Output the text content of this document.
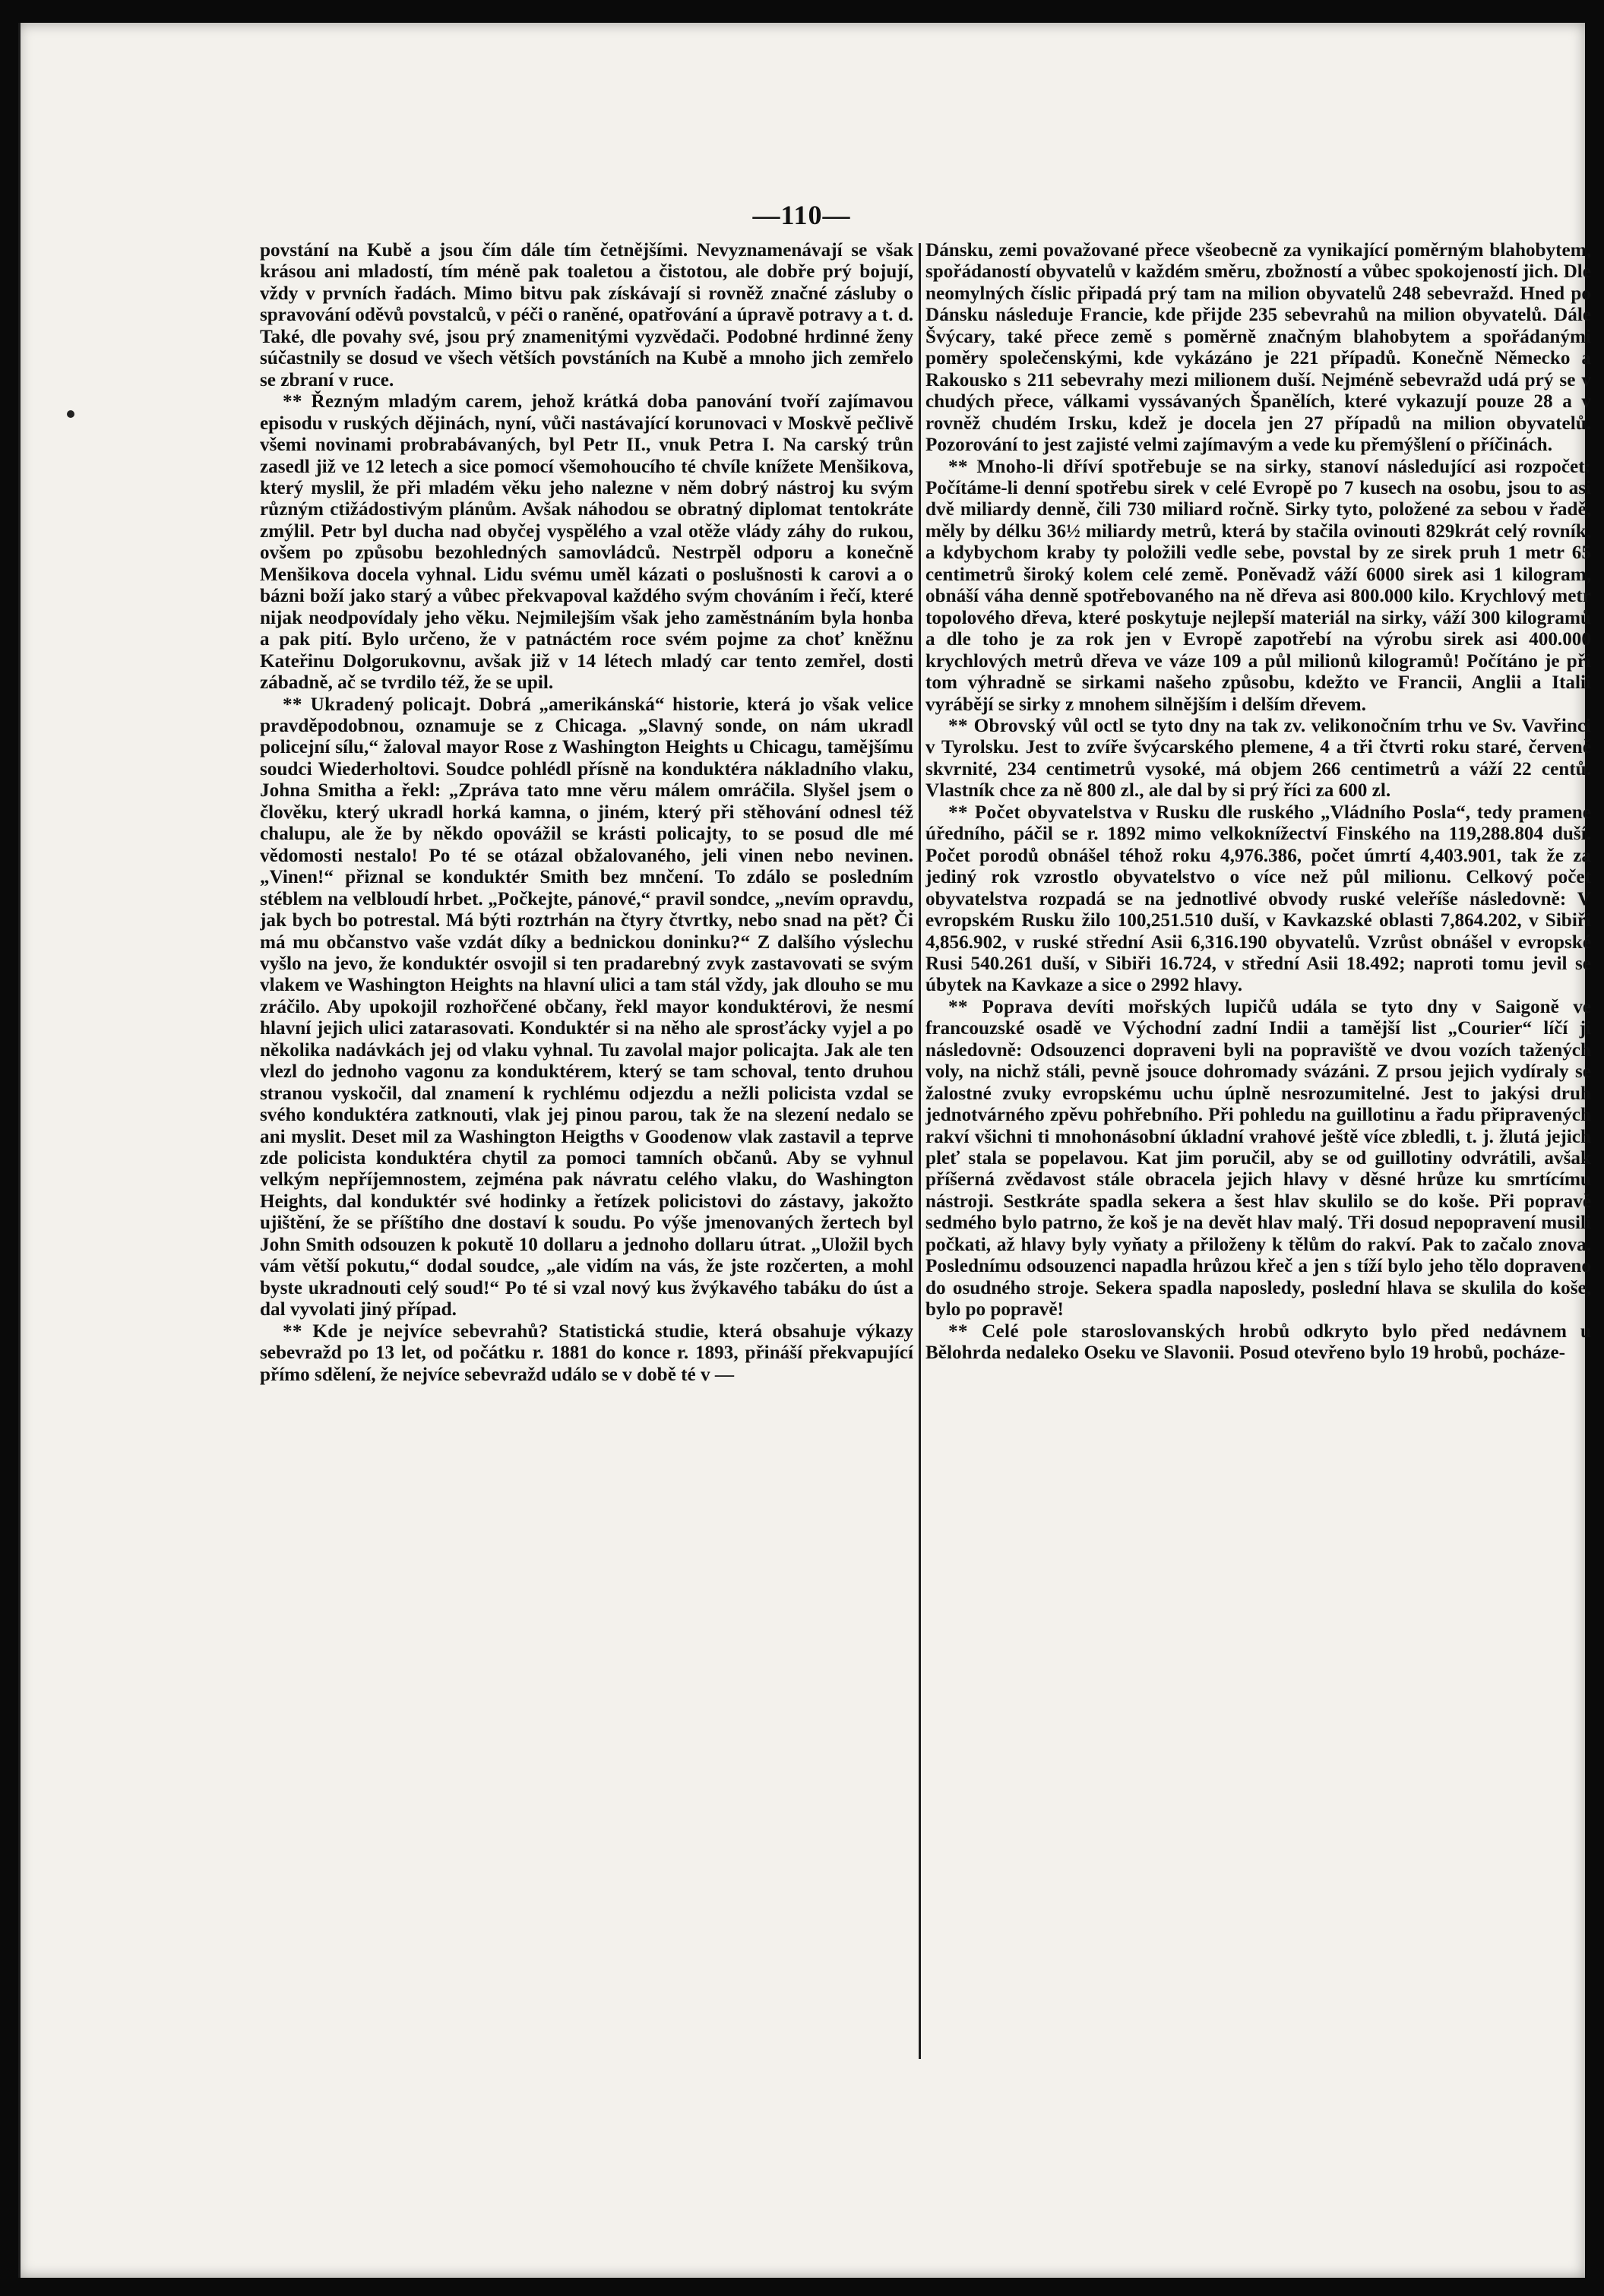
—110—

povstání na Kubě a jsou čím dále tím četnějšími. Nevyznamenávají se však krásou ani mladostí, tím méně pak toaletou a čistotou, ale dobře prý bojují, vždy v prvních řadách. Mimo bitvu pak získávají si rovněž značné zásluby o spravování oděvů povstalců, v péči o raněné, opatřování a úpravě potravy a t. d. Také, dle povahy své, jsou prý znamenitými vyzvědači. Podobné hrdinné ženy súčastnily se dosud ve všech větších povstáních na Kubě a mnoho jich zemřelo se zbraní v ruce.

** Řezným mladým carem, jehož krátká doba panování tvoří zajímavou episodu v ruských dějinách, nyní, vůči nastávající korunovaci v Moskvě pečlivě všemi novinami probrabávaných, byl Petr II., vnuk Petra I. Na carský trůn zasedl již ve 12 letech a sice pomocí všemohoucího té chvíle knížete Menšikova, který myslil, že při mladém věku jeho nalezne v něm dobrý nástroj ku svým různým ctižádostivým plánům. Avšak náhodou se obratný diplomat tentokráte zmýlil. Petr byl ducha nad obyčej vyspělého a vzal otěže vlády záhy do rukou, ovšem po způsobu bezohledných samovládců. Nestrpěl odporu a konečně Menšikova docela vyhnal. Lidu svému uměl kázati o poslušnosti k carovi a o bázni boží jako starý a vůbec překvapoval každého svým chováním i řečí, které nijak neodpovídaly jeho věku. Nejmilejším však jeho zaměstnáním byla honba a pak pití. Bylo určeno, že v patnáctém roce svém pojme za choť kněžnu Kateřinu Dolgorukovnu, avšak již v 14 létech mladý car tento zemřel, dosti zábadně, ač se tvrdilo též, že se upil.

** Ukradený policajt. Dobrá „amerikánská“ historie, která jo však velice pravděpodobnou, oznamuje se z Chicaga. „Slavný sonde, on nám ukradl policejní sílu,“ žaloval mayor Rose z Washington Heights u Chicagu, tamějšímu soudci Wiederholtovi. Soudce pohlédl přísně na konduktéra nákladního vlaku, Johna Smitha a řekl: „Zpráva tato mne věru málem omráčila. Slyšel jsem o člověku, který ukradl horká kamna, o jiném, který při stěhování odnesl též chalupu, ale že by někdo opovážil se krásti policajty, to se posud dle mé vědomosti nestalo! Po té se otázal obžalovaného, jeli vinen nebo nevinen. „Vinen!“ přiznal se konduktér Smith bez mnčení. To zdálo se posledním stéblem na velbloudí hrbet. „Počkejte, pánové,“ pravil sondce, „nevím opravdu, jak bych bo potrestal. Má býti roztrhán na čtyry čtvrtky, nebo snad na pět? Či má mu občanstvo vaše vzdát díky a bednickou doninku?“ Z dalšího výslechu vyšlo na jevo, že konduktér osvojil si ten pradarebný zvyk zastavovati se svým vlakem ve Washington Heights na hlavní ulici a tam stál vždy, jak dlouho se mu zráčilo. Aby upokojil rozhořčené občany, řekl mayor konduktérovi, že nesmí hlavní jejich ulici zatarasovati. Konduktér si na něho ale sprosťácky vyjel a po několika nadávkách jej od vlaku vyhnal. Tu zavolal major policajta. Jak ale ten vlezl do jednoho vagonu za konduktérem, který se tam schoval, tento druhou stranou vyskočil, dal znamení k rychlému odjezdu a nežli policista vzdal se svého konduktéra zatknouti, vlak jej pinou parou, tak že na slezení nedalo se ani myslit. Deset mil za Washington Heigths v Goodenow vlak zastavil a teprve zde policista konduktéra chytil za pomoci tamních občanů. Aby se vyhnul velkým nepříjemnostem, zejména pak návratu celého vlaku, do Washington Heights, dal konduktér své hodinky a řetízek policistovi do zástavy, jakožto ujištění, že se příštího dne dostaví k soudu. Po výše jmenovaných žertech byl John Smith odsouzen k pokutě 10 dollaru a jednoho dollaru útrat. „Uložil bych vám větší pokutu,“ dodal soudce, „ale vidím na vás, že jste rozčerten, a mohl byste ukradnouti celý soud!“ Po té si vzal nový kus žvýkavého tabáku do úst a dal vyvolati jiný případ.

** Kde je nejvíce sebevrahů? Statistická studie, která obsahuje výkazy sebevražd po 13 let, od počátku r. 1881 do konce r. 1893, přináší překvapující přímo sdělení, že nejvíce sebevražd událo se v době té v —

Dánsku, zemi považované přece všeobecně za vynikající poměrným blahobytem, spořádaností obyvatelů v každém směru, zbožností a vůbec spokojeností jich. Dle neomylných číslic připadá prý tam na milion obyvatelů 248 sebevražd. Hned po Dánsku následuje Francie, kde přijde 235 sebevrahů na milion obyvatelů. Dále Švýcary, také přece země s poměrně značným blahobytem a spořádanými poměry společenskými, kde vykázáno je 221 případů. Konečně Německo a Rakousko s 211 sebevrahy mezi milionem duší. Nejméně sebevražd udá prý se v chudých přece, válkami vyssávaných Španělích, které vykazují pouze 28 a v rovněž chudém Irsku, kdež je docela jen 27 případů na milion obyvatelů. Pozorování to jest zajisté velmi zajímavým a vede ku přemýšlení o příčinách.

** Mnoho-li dříví spotřebuje se na sirky, stanoví následující asi rozpočet: Počítáme-li denní spotřebu sirek v celé Evropě po 7 kusech na osobu, jsou to asi dvě miliardy denně, čili 730 miliard ročně. Sirky tyto, položené za sebou v řadě, měly by délku 36½ miliardy metrů, která by stačila ovinouti 829krát celý rovník, a kdybychom kraby ty položili vedle sebe, povstal by ze sirek pruh 1 metr 65 centimetrů široký kolem celé země. Poněvadž váží 6000 sirek asi 1 kilogram, obnáší váha denně spotřebovaného na ně dřeva asi 800.000 kilo. Krychlový metr topolového dřeva, které poskytuje nejlepší materiál na sirky, váží 300 kilogramů a dle toho je za rok jen v Evropě zapotřebí na výrobu sirek asi 400.000 krychlových metrů dřeva ve váze 109 a půl milionů kilogramů! Počítáno je při tom výhradně se sirkami našeho způsobu, kdežto ve Francii, Anglii a Italii vyrábějí se sirky z mnohem silnějším i delším dřevem.

** Obrovský vůl octl se tyto dny na tak zv. velikonočním trhu ve Sv. Vavřinci v Tyrolsku. Jest to zvíře švýcarského plemene, 4 a tři čtvrti roku staré, červeně skvrnité, 234 centimetrů vysoké, má objem 266 centimetrů a váží 22 centů. Vlastník chce za ně 800 zl., ale dal by si prý říci za 600 zl.

** Počet obyvatelstva v Rusku dle ruského „Vládního Posla“, tedy pramene úředního, páčil se r. 1892 mimo velkoknížectví Finského na 119,288.804 duší. Počet porodů obnášel téhož roku 4,976.386, počet úmrtí 4,403.901, tak že za jediný rok vzrostlo obyvatelstvo o více než půl milionu. Celkový počet obyvatelstva rozpadá se na jednotlivé obvody ruské veleříše následovně: V evropském Rusku žilo 100,251.510 duší, v Kavkazské oblasti 7,864.202, v Sibiři 4,856.902, v ruské střední Asii 6,316.190 obyvatelů. Vzrůst obnášel v evropské Rusi 540.261 duší, v Sibiři 16.724, v střední Asii 18.492; naproti tomu jevil se úbytek na Kavkaze a sice o 2992 hlavy.

** Poprava devíti mořských lupičů udála se tyto dny v Saigoně ve francouzské osadě ve Východní zadní Indii a tamější list „Courier“ líčí ji následovně: Odsouzenci dopraveni byli na popraviště ve dvou vozích tažených voly, na nichž stáli, pevně jsouce dohromady svázáni. Z prsou jejich vydíraly se žalostné zvuky evropskému uchu úplně nesrozumitelné. Jest to jakýsi druh jednotvárného zpěvu pohřebního. Při pohledu na guillotinu a řadu připravených rakví všichni ti mnohonásobní úkladní vrahové ještě více zbledli, t. j. žlutá jejich pleť stala se popelavou. Kat jim poručil, aby se od guillotiny odvrátili, avšak příšerná zvědavost stále obracela jejich hlavy v děsné hrůze ku smrtícímu nástroji. Sestkráte spadla sekera a šest hlav skulilo se do koše. Při popravě sedmého bylo patrno, že koš je na devět hlav malý. Tři dosud nepopravení musili počkati, až hlavy byly vyňaty a přiloženy k tělům do rakví. Pak to začalo znova. Poslednímu odsouzenci napadla hrůzou křeč a jen s tíží bylo jeho tělo dopraveno do osudného stroje. Sekera spadla naposledy, poslední hlava se skulila do koše, bylo po popravě!

** Celé pole staroslovanských hrobů odkryto bylo před nedávnem u Bělohrda nedaleko Oseku ve Slavonii. Posud otevřeno bylo 19 hrobů, pocháze-
